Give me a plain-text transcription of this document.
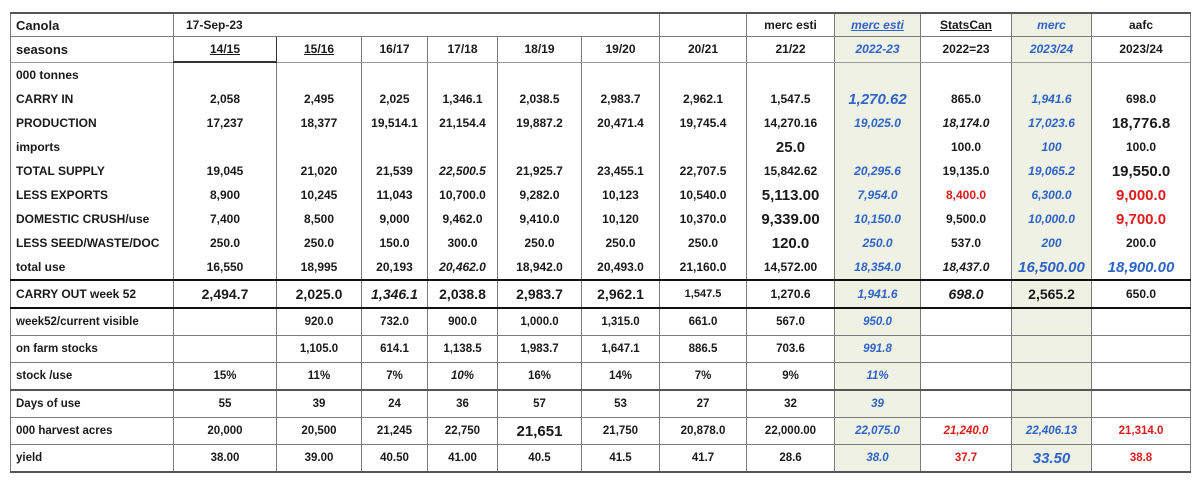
Canola	17-Sep-23							merc esti	merc esti	StatsCan	merc	aafc
seasons	14/15	15/16	16/17	17/18	18/19	19/20	20/21	21/22	2022-23	2022=23	2023/24	2023/24
000 tonnes												
CARRY IN	2,058	2,495	2,025	1,346.1	2,038.5	2,983.7	2,962.1	1,547.5	1,270.62	865.0	1,941.6	698.0
PRODUCTION	17,237	18,377	19,514.1	21,154.4	19,887.2	20,471.4	19,745.4	14,270.16	19,025.0	18,174.0	17,023.6	18,776.8
imports								25.0		100.0	100	100.0
TOTAL SUPPLY	19,045	21,020	21,539	22,500.5	21,925.7	23,455.1	22,707.5	15,842.62	20,295.6	19,135.0	19,065.2	19,550.0
LESS EXPORTS	8,900	10,245	11,043	10,700.0	9,282.0	10,123	10,540.0	5,113.00	7,954.0	8,400.0	6,300.0	9,000.0
DOMESTIC CRUSH/use	7,400	8,500	9,000	9,462.0	9,410.0	10,120	10,370.0	9,339.00	10,150.0	9,500.0	10,000.0	9,700.0
LESS SEED/WASTE/DOC	250.0	250.0	150.0	300.0	250.0	250.0	250.0	120.0	250.0	537.0	200	200.0
total use	16,550	18,995	20,193	20,462.0	18,942.0	20,493.0	21,160.0	14,572.00	18,354.0	18,437.0	16,500.00	18,900.00
CARRY OUT week 52	2,494.7	2,025.0	1,346.1	2,038.8	2,983.7	2,962.1	1,547.5	1,270.6	1,941.6	698.0	2,565.2	650.0
week52/current visible		920.0	732.0	900.0	1,000.0	1,315.0	661.0	567.0	950.0			
on farm stocks		1,105.0	614.1	1,138.5	1,983.7	1,647.1	886.5	703.6	991.8			
stock /use	15%	11%	7%	10%	16%	14%	7%	9%	11%			
Days of use	55	39	24	36	57	53	27	32	39			
000 harvest acres	20,000	20,500	21,245	22,750	21,651	21,750	20,878.0	22,000.00	22,075.0	21,240.0	22,406.13	21,314.0
yield	38.00	39.00	40.50	41.00	40.5	41.5	41.7	28.6	38.0	37.7	33.50	38.8
